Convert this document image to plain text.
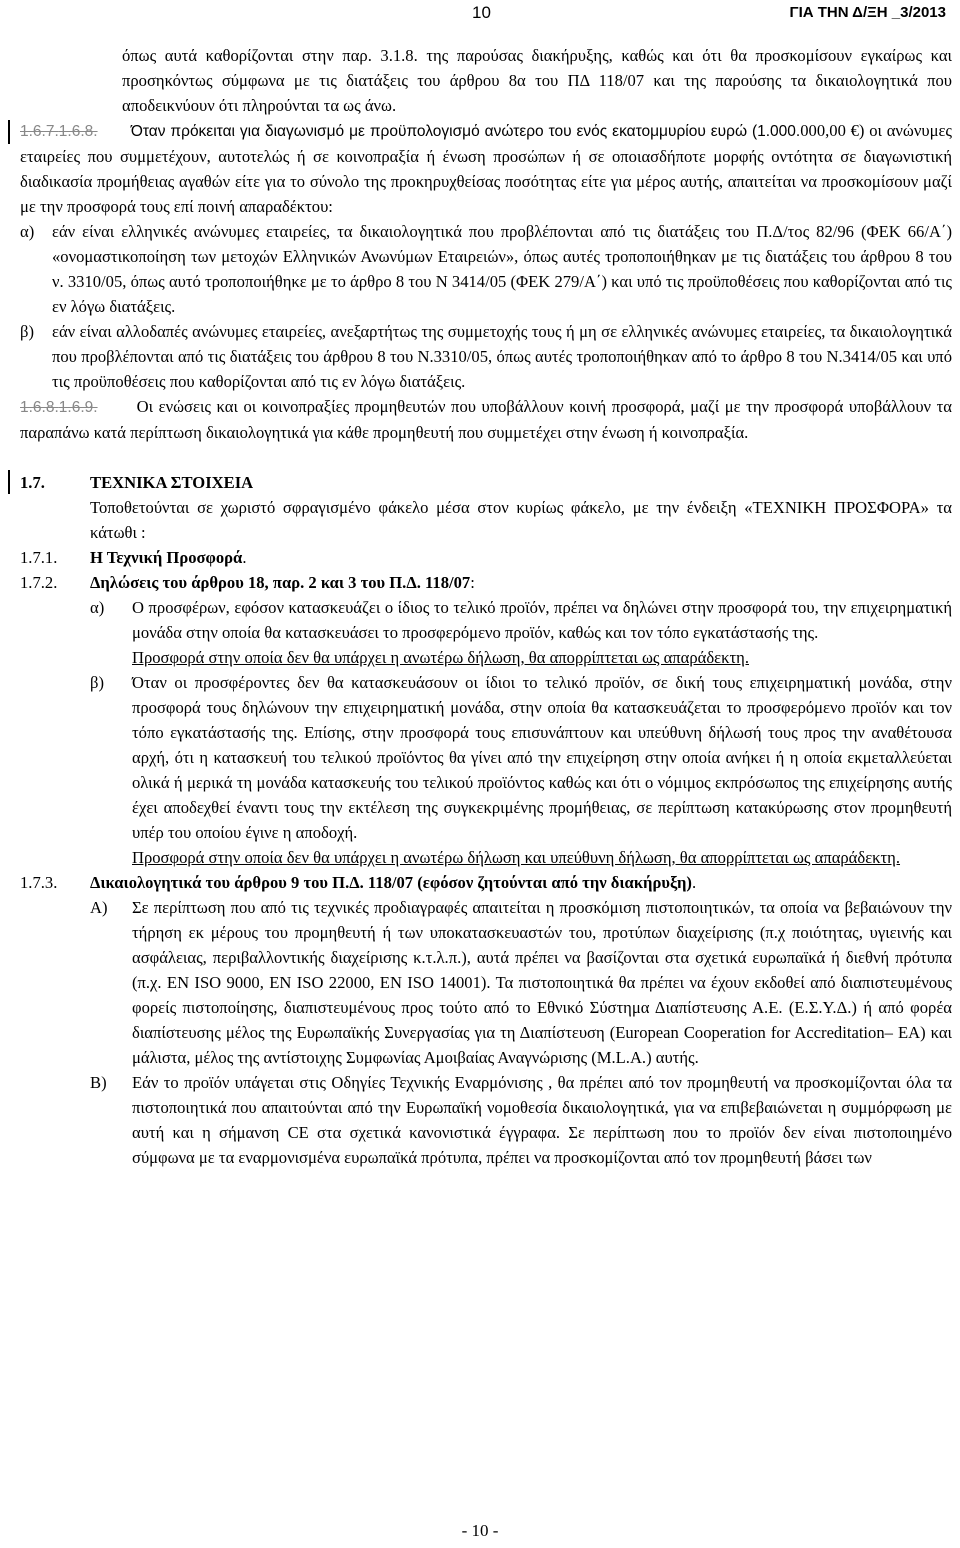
10	ΓΙΑ ΤΗΝ Δ/ΞΗ _3/2013

όπως αυτά καθορίζονται στην παρ. 3.1.8. της παρούσας διακήρυξης, καθώς και ότι θα προσκομίσουν εγκαίρως και προσηκόντως σύμφωνα με τις διατάξεις του άρθρου 8α του ΠΔ 118/07 και της παρούσης τα δικαιολογητικά που αποδεικνύουν ότι πληρούνται τα ως άνω.

1.6.7.1.6.8. Όταν πρόκειται για διαγωνισμό με προϋπολογισμό ανώτερο του ενός εκατομμυρίου ευρώ (1.000.000,00 €) οι ανώνυμες εταιρείες που συμμετέχουν, αυτοτελώς ή σε κοινοπραξία ή ένωση προσώπων ή σε οποιασδήποτε μορφής οντότητα σε διαγωνιστική διαδικασία προμήθειας αγαθών είτε για το σύνολο της προκηρυχθείσας ποσότητας είτε για μέρος αυτής, απαιτείται να προσκομίσουν μαζί με την προσφορά τους επί ποινή απαραδέκτου:

α)	εάν είναι ελληνικές ανώνυμες εταιρείες, τα δικαιολογητικά που προβλέπονται από τις διατάξεις του Π.Δ/τος 82/96 (ΦΕΚ 66/Α΄) «ονομαστικοποίηση των μετοχών Ελληνικών Ανωνύμων Εταιρειών», όπως αυτές τροποποιήθηκαν με τις διατάξεις του άρθρου 8 του ν. 3310/05, όπως αυτό τροποποιήθηκε με το άρθρο 8 του Ν 3414/05 (ΦΕΚ 279/Α΄) και υπό τις προϋποθέσεις που καθορίζονται από τις εν λόγω διατάξεις.

β)	εάν είναι αλλοδαπές ανώνυμες εταιρείες, ανεξαρτήτως της συμμετοχής τους ή μη σε ελληνικές ανώνυμες εταιρείες, τα δικαιολογητικά που προβλέπονται από τις διατάξεις του άρθρου 8 του Ν.3310/05, όπως αυτές τροποποιήθηκαν από το άρθρο 8 του Ν.3414/05 και υπό τις προϋποθέσεις που καθορίζονται από τις εν λόγω διατάξεις.

1.6.8.1.6.9. Οι ενώσεις και οι κοινοπραξίες προμηθευτών που υποβάλλουν κοινή προσφορά, μαζί με την προσφορά υποβάλλουν τα παραπάνω κατά περίπτωση δικαιολογητικά για κάθε προμηθευτή που συμμετέχει στην ένωση ή κοινοπραξία.

1.7.	ΤΕΧΝΙΚΑ ΣΤΟΙΧΕΙΑ

Τοποθετούνται σε χωριστό σφραγισμένο φάκελο μέσα στον κυρίως φάκελο, με την ένδειξη «ΤΕΧΝΙΚΗ ΠΡΟΣΦΟΡΑ» τα κάτωθι :

1.7.1. Η Τεχνική Προσφορά.

1.7.2. Δηλώσεις του άρθρου 18, παρ. 2 και 3 του Π.Δ. 118/07:

α)	Ο προσφέρων, εφόσον κατασκευάζει ο ίδιος το τελικό προϊόν, πρέπει να δηλώνει στην προσφορά του, την επιχειρηματική μονάδα στην οποία θα κατασκευάσει το προσφερόμενο προϊόν, καθώς και τον τόπο εγκατάστασής της.

Προσφορά στην οποία δεν θα υπάρχει η ανωτέρω δήλωση, θα απορρίπτεται ως απαράδεκτη.

β)	Όταν οι προσφέροντες δεν θα κατασκευάσουν οι ίδιοι το τελικό προϊόν, σε δική τους επιχειρηματική μονάδα, στην προσφορά τους δηλώνουν την επιχειρηματική μονάδα, στην οποία θα κατασκευάζεται το προσφερόμενο προϊόν και τον τόπο εγκατάστασής της. Επίσης, στην προσφορά τους επισυνάπτουν και υπεύθυνη δήλωσή τους προς την αναθέτουσα αρχή, ότι η κατασκευή του τελικού προϊόντος θα γίνει από την επιχείρηση στην οποία ανήκει ή η οποία εκμεταλλεύεται ολικά ή μερικά τη μονάδα κατασκευής του τελικού προϊόντος καθώς και ότι ο νόμιμος εκπρόσωπος της επιχείρησης αυτής έχει αποδεχθεί έναντι τους την εκτέλεση της συγκεκριμένης προμήθειας, σε περίπτωση κατακύρωσης στον προμηθευτή υπέρ του οποίου έγινε η αποδοχή.

Προσφορά στην οποία δεν θα υπάρχει η ανωτέρω δήλωση και υπεύθυνη δήλωση, θα απορρίπτεται ως απαράδεκτη.

1.7.3. Δικαιολογητικά του άρθρου 9 του Π.Δ. 118/07 (εφόσον ζητούνται από την διακήρυξη).

Α)	Σε περίπτωση που από τις τεχνικές προδιαγραφές απαιτείται η προσκόμιση πιστοποιητικών, τα οποία να βεβαιώνουν την τήρηση εκ μέρους του προμηθευτή ή των υποκατασκευαστών του, προτύπων διαχείρισης (π.χ ποιότητας, υγιεινής και ασφάλειας, περιβαλλοντικής διαχείρισης κ.τ.λ.π.), αυτά πρέπει να βασίζονται στα σχετικά ευρωπαϊκά ή διεθνή πρότυπα (π.χ. EN ISO 9000, EN ISO 22000, EN ISO 14001). Τα πιστοποιητικά θα πρέπει να έχουν εκδοθεί από διαπιστευμένους φορείς πιστοποίησης, διαπιστευμένους προς τούτο από το Εθνικό Σύστημα Διαπίστευσης Α.Ε. (Ε.Σ.Υ.Δ.) ή από φορέα διαπίστευσης μέλος της Ευρωπαϊκής Συνεργασίας για τη Διαπίστευση (European Cooperation for Accreditation– EA) και μάλιστα, μέλος της αντίστοιχης Συμφωνίας Αμοιβαίας Αναγνώρισης (M.L.A.) αυτής.

Β)	Εάν το προϊόν υπάγεται στις Οδηγίες Τεχνικής Εναρμόνισης , θα πρέπει από τον προμηθευτή να προσκομίζονται όλα τα πιστοποιητικά που απαιτούνται από την Ευρωπαϊκή νομοθεσία δικαιολογητικά, για να επιβεβαιώνεται η συμμόρφωση με αυτή και η σήμανση CE στα σχετικά κανονιστικά έγγραφα. Σε περίπτωση που το προϊόν δεν είναι πιστοποιημένο σύμφωνα με τα εναρμονισμένα ευρωπαϊκά πρότυπα, πρέπει να προσκομίζονται από τον προμηθευτή βάσει των

- 10 -
